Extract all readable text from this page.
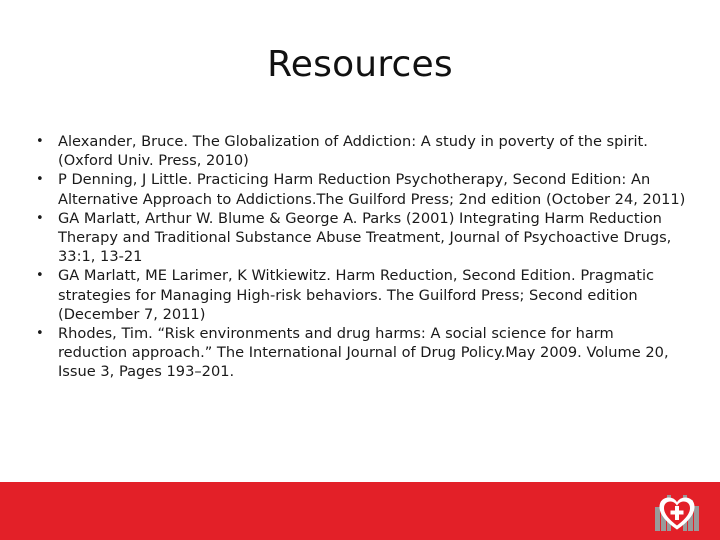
Resources
• Alexander, Bruce. The Globalization of Addiction: A study in poverty of the spirit. (Oxford Univ. Press, 2010)
• P Denning, J Little. Practicing Harm Reduction Psychotherapy, Second Edition: An Alternative Approach to Addictions.The Guilford Press; 2nd edition (October 24, 2011)
• GA Marlatt, Arthur W. Blume & George A. Parks (2001) Integrating Harm Reduction Therapy and Traditional Substance Abuse Treatment, Journal of Psychoactive Drugs, 33:1, 13-21
• GA Marlatt, ME Larimer, K Witkiewitz. Harm Reduction, Second Edition. Pragmatic strategies for Managing High-risk behaviors. The Guilford Press; Second edition (December 7, 2011)
• Rhodes, Tim. “Risk environments and drug harms: A social science for harm reduction approach.” The International Journal of Drug Policy.May 2009. Volume 20, Issue 3, Pages 193–201.
